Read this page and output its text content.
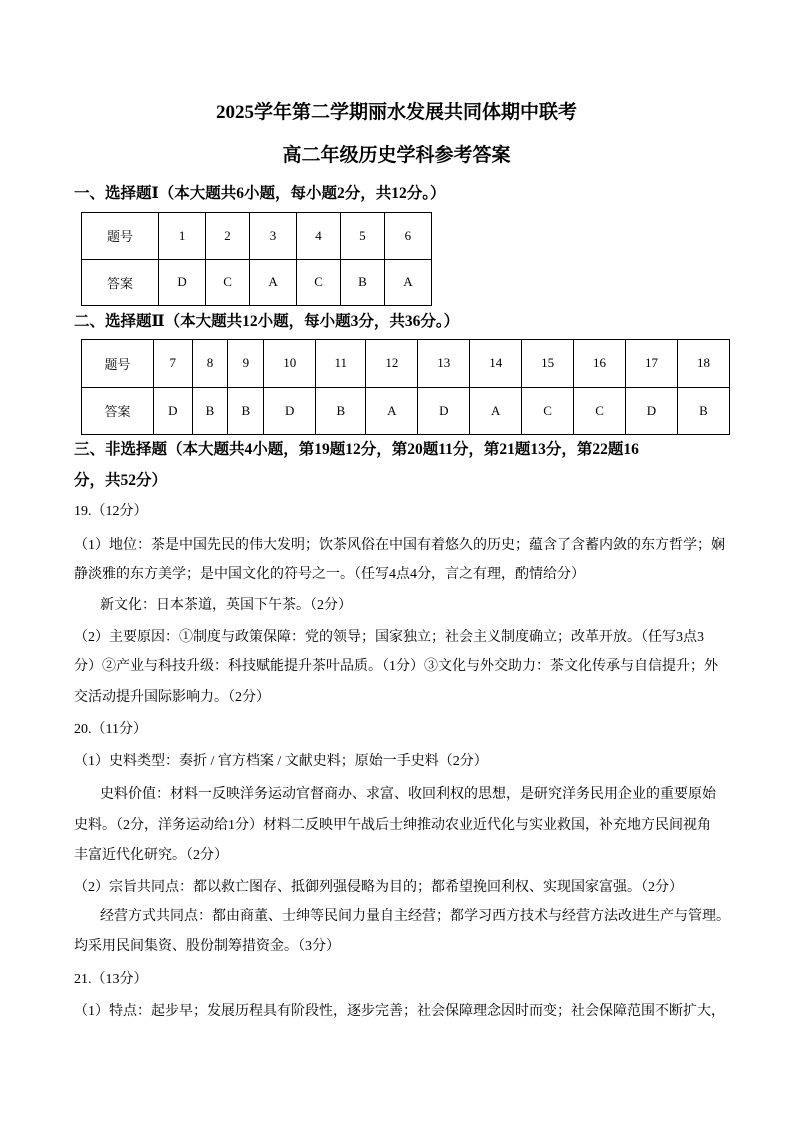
2025学年第二学期丽水发展共同体期中联考
高二年级历史学科参考答案
一、选择题Ⅰ（本大题共6小题，每小题2分，共12分。）
题号	1	2	3	4	5	6
答案	D	C	A	C	B	A
二、选择题Ⅱ（本大题共12小题，每小题3分，共36分。）
题号	7	8	9	10	11	12	13	14	15	16	17	18
答案	D	B	B	D	B	A	D	A	C	C	D	B
三、非选择题（本大题共4小题，第19题12分，第20题11分，第21题13分，第22题16
分，共52分）
19.（12分）
（1）地位：茶是中国先民的伟大发明；饮茶风俗在中国有着悠久的历史；蕴含了含蓄内敛的东方哲学；娴
静淡雅的东方美学；是中国文化的符号之一。（任写4点4分，言之有理，酌情给分）
新文化：日本茶道，英国下午茶。（2分）
（2）主要原因：①制度与政策保障：党的领导；国家独立；社会主义制度确立；改革开放。（任写3点3
分）②产业与科技升级：科技赋能提升茶叶品质。（1分）③文化与外交助力：茶文化传承与自信提升；外
交活动提升国际影响力。（2分）
20.（11分）
（1）史料类型：奏折 / 官方档案 / 文献史料；原始一手史料（2分）
史料价值：材料一反映洋务运动官督商办、求富、收回利权的思想，是研究洋务民用企业的重要原始
史料。（2分，洋务运动给1分）材料二反映甲午战后士绅推动农业近代化与实业救国，补充地方民间视角
丰富近代化研究。（2分）
（2）宗旨共同点：都以救亡图存、抵御列强侵略为目的；都希望挽回利权、实现国家富强。（2分）
经营方式共同点：都由商董、士绅等民间力量自主经营；都学习西方技术与经营方法改进生产与管理。
均采用民间集资、股份制筹措资金。（3分）
21.（13分）
（1）特点：起步早；发展历程具有阶段性，逐步完善；社会保障理念因时而变；社会保障范围不断扩大，
